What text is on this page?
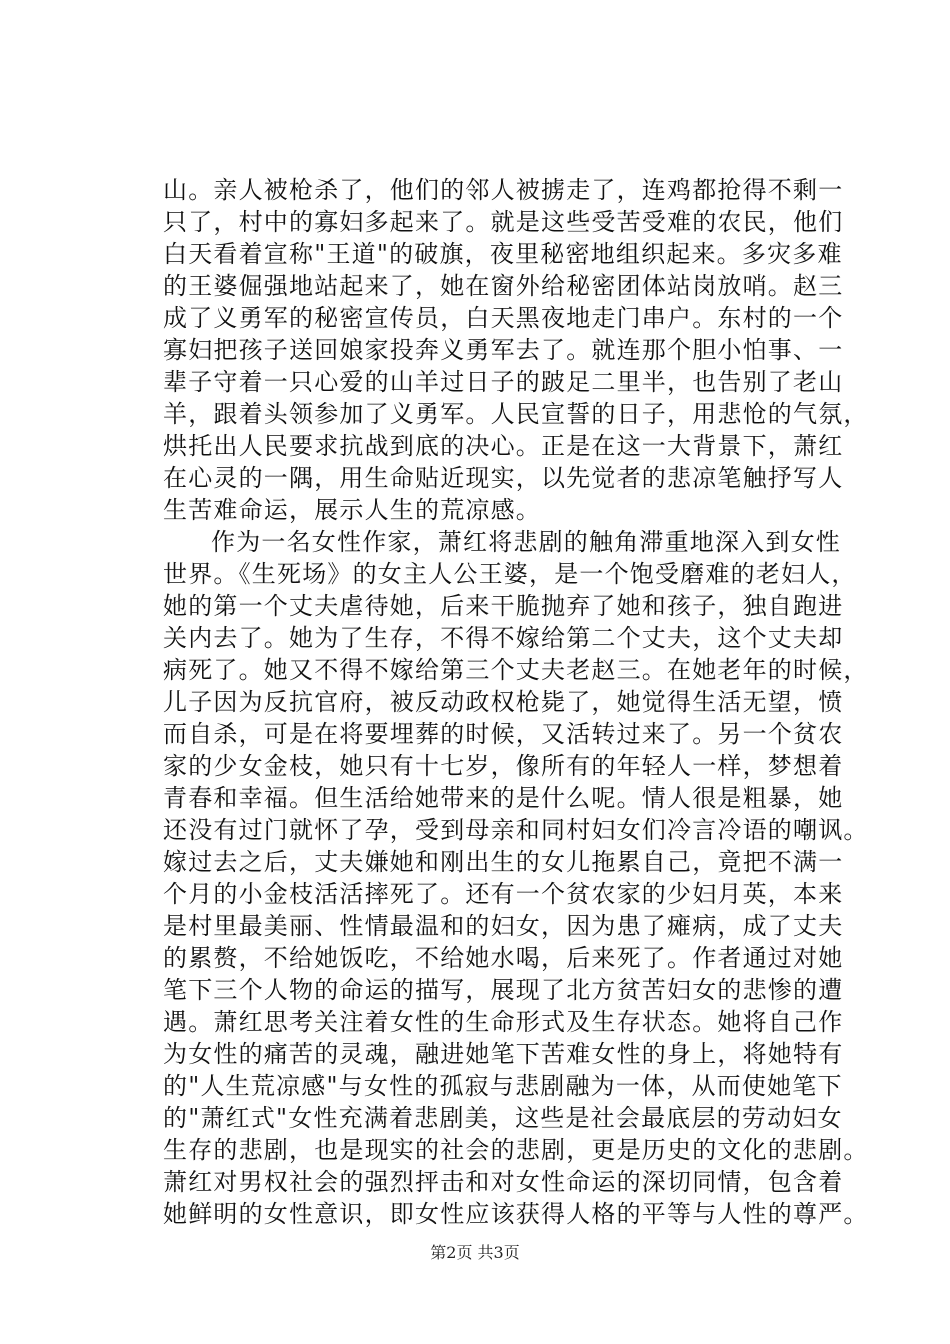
山。亲人被枪杀了，他们的邻人被掳走了，连鸡都抢得不剩一
只了，村中的寡妇多起来了。就是这些受苦受难的农民，他们
白天看着宣称"王道"的破旗，夜里秘密地组织起来。多灾多难
的王婆倔强地站起来了，她在窗外给秘密团体站岗放哨。赵三
成了义勇军的秘密宣传员，白天黑夜地走门串户。东村的一个
寡妇把孩子送回娘家投奔义勇军去了。就连那个胆小怕事、一
辈子守着一只心爱的山羊过日子的跛足二里半，也告别了老山
羊，跟着头领参加了义勇军。人民宣誓的日子，用悲怆的气氛，
烘托出人民要求抗战到底的决心。正是在这一大背景下，萧红
在心灵的一隅，用生命贴近现实，以先觉者的悲凉笔触抒写人
生苦难命运，展示人生的荒凉感。
作为一名女性作家，萧红将悲剧的触角滞重地深入到女性
世界。《生死场》的女主人公王婆，是一个饱受磨难的老妇人，
她的第一个丈夫虐待她，后来干脆抛弃了她和孩子，独自跑进
关内去了。她为了生存，不得不嫁给第二个丈夫，这个丈夫却
病死了。她又不得不嫁给第三个丈夫老赵三。在她老年的时候，
儿子因为反抗官府，被反动政权枪毙了，她觉得生活无望，愤
而自杀，可是在将要埋葬的时候，又活转过来了。另一个贫农
家的少女金枝，她只有十七岁，像所有的年轻人一样，梦想着
青春和幸福。但生活给她带来的是什么呢。情人很是粗暴，她
还没有过门就怀了孕，受到母亲和同村妇女们冷言冷语的嘲讽。
嫁过去之后，丈夫嫌她和刚出生的女儿拖累自己，竟把不满一
个月的小金枝活活摔死了。还有一个贫农家的少妇月英，本来
是村里最美丽、性情最温和的妇女，因为患了瘫病，成了丈夫
的累赘，不给她饭吃，不给她水喝，后来死了。作者通过对她
笔下三个人物的命运的描写，展现了北方贫苦妇女的悲惨的遭
遇。萧红思考关注着女性的生命形式及生存状态。她将自己作
为女性的痛苦的灵魂，融进她笔下苦难女性的身上，将她特有
的"人生荒凉感"与女性的孤寂与悲剧融为一体，从而使她笔下
的"萧红式"女性充满着悲剧美，这些是社会最底层的劳动妇女
生存的悲剧，也是现实的社会的悲剧，更是历史的文化的悲剧。
萧红对男权社会的强烈抨击和对女性命运的深切同情，包含着
她鲜明的女性意识，即女性应该获得人格的平等与人性的尊严。
第2页 共3页
